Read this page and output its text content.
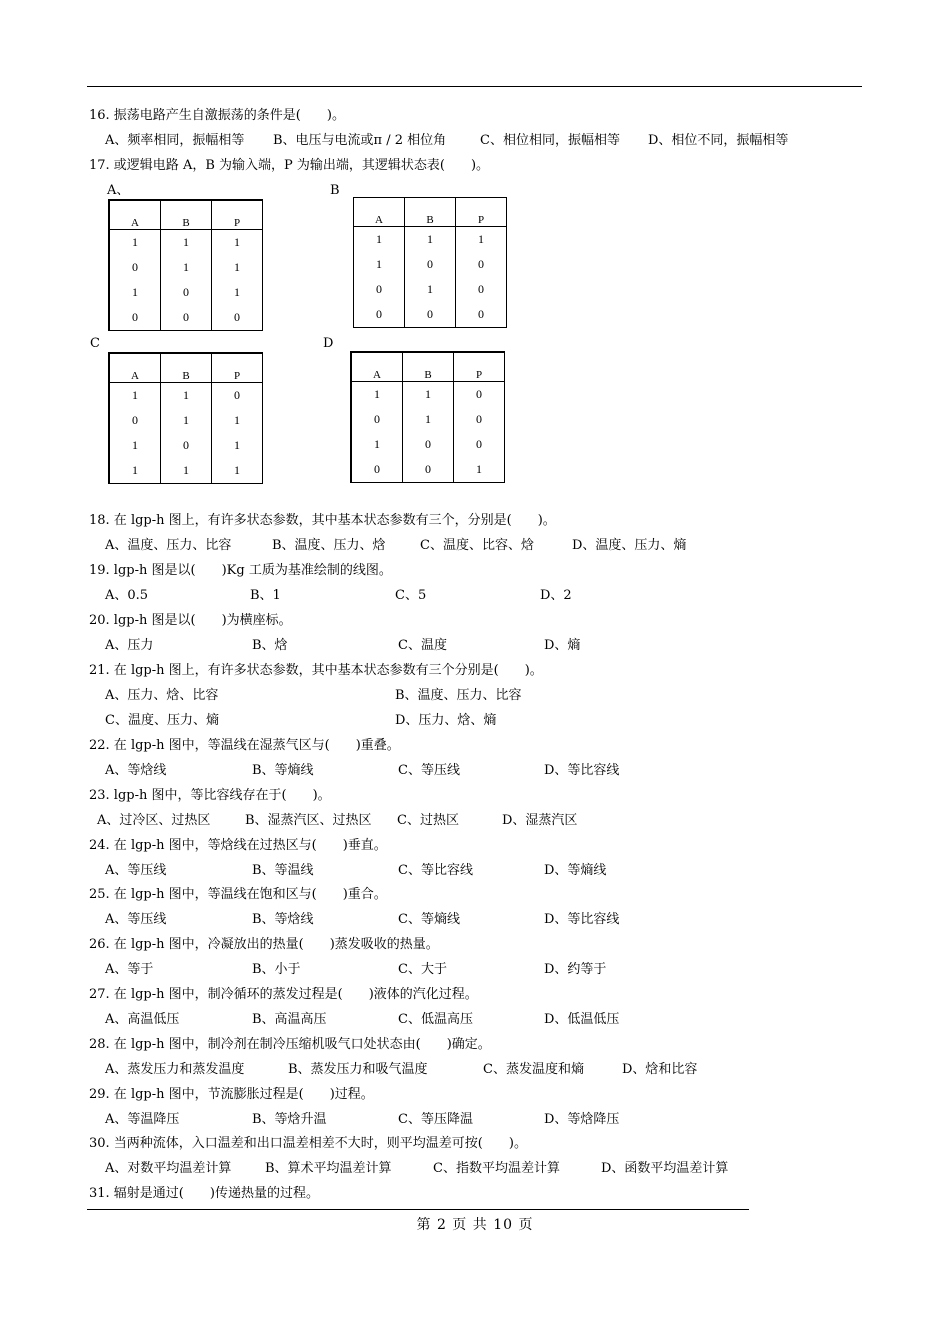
16. 振荡电路产生自激振荡的条件是(　　)。
A、频率相同，振幅相等 B、电压与电流或π / 2 相位角	C、相位相同，振幅相等 D、相位不同，振幅相等
17. 或逻辑电路 A，B 为输入端，P 为输出端，其逻辑状态表(　　)。
A、
A	B	P
1	1	1
0	1	1
1	0	1
0	0	0
B
A	B	P
1	1	1
1	0	0
0	1	0
0	0	0
C
A	B	P
1	1	0
0	1	1
1	0	1
1	1	1
D
A	B	P
1	1	0
0	1	0
1	0	0
0	0	1
18. 在 lgp-h 图上，有许多状态参数，其中基本状态参数有三个，分别是(　　)。
A、温度、压力、比容	B、温度、压力、焓	C、温度、比容、焓	D、温度、压力、熵
19. lgp-h 图是以(　　)Kg 工质为基准绘制的线图。
A、0.5	B、1	C、5	D、2
20. lgp-h 图是以(　　)为横座标。
A、压力	B、焓	C、温度	D、熵
21. 在 lgp-h 图上，有许多状态参数，其中基本状态参数有三个分别是(　　)。
A、压力、焓、比容	B、温度、压力、比容
C、温度、压力、熵	D、压力、焓、熵
22. 在 lgp-h 图中，等温线在湿蒸气区与(　　)重叠。
A、等焓线	B、等熵线	C、等压线	D、等比容线
23. lgp-h 图中，等比容线存在于(　　)。
A、过冷区、过热区	B、湿蒸汽区、过热区 C、过热区	D、湿蒸汽区
24. 在 lgp-h 图中，等焓线在过热区与(　　)垂直。
A、等压线	B、等温线	C、等比容线	D、等熵线
25. 在 lgp-h 图中，等温线在饱和区与(　　)重合。
A、等压线	B、等焓线	C、等熵线	D、等比容线
26. 在 lgp-h 图中，冷凝放出的热量(　　)蒸发吸收的热量。
A、等于	B、小于	C、大于	D、约等于
27. 在 lgp-h 图中，制冷循环的蒸发过程是(　　)液体的汽化过程。
A、高温低压	B、高温高压	C、低温高压	D、低温低压
28. 在 lgp-h 图中，制冷剂在制冷压缩机吸气口处状态由(　　)确定。
A、蒸发压力和蒸发温度	B、蒸发压力和吸气温度	C、蒸发温度和熵	D、焓和比容
29. 在 lgp-h 图中，节流膨胀过程是(　　)过程。
A、等温降压	B、等焓升温	C、等压降温	D、等焓降压
30. 当两种流体，入口温差和出口温差相差不大时，则平均温差可按(　　)。
A、对数平均温差计算	B、算术平均温差计算	C、指数平均温差计算	D、函数平均温差计算
31. 辐射是通过(　　)传递热量的过程。
第 2 页 共 10 页
